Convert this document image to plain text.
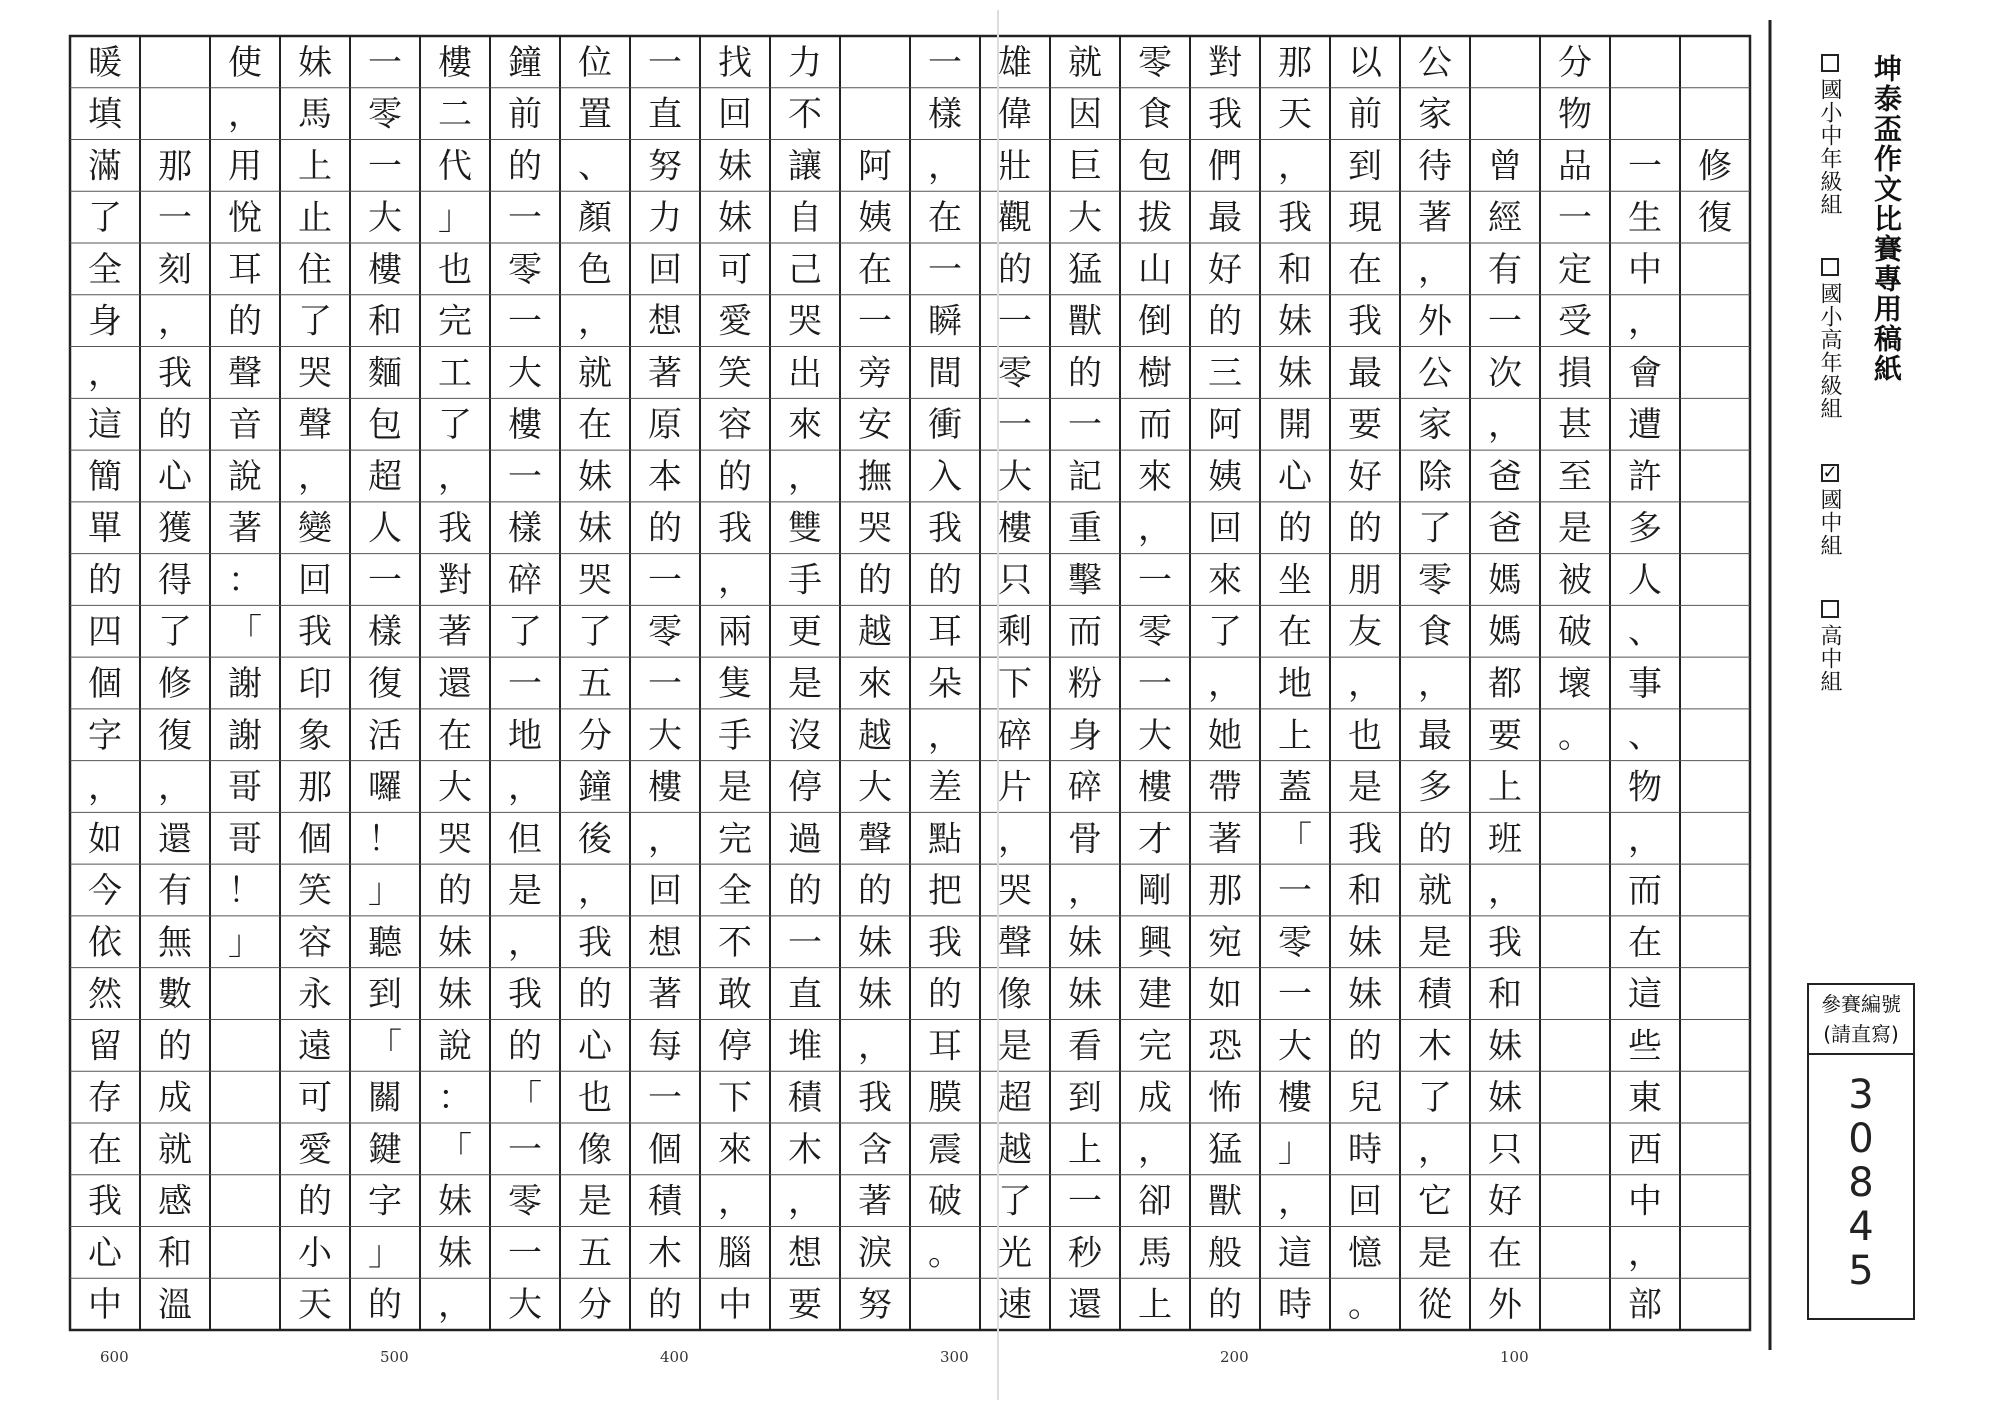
修
復
一
生
中
，
會
遭
許
多
人
、
事
、
物
，
而
在
這
些
東
西
中
，
部
分
物
品
一
定
受
損
甚
至
是
被
破
壞
。
曾
經
有
一
次
，
爸
爸
媽
媽
都
要
上
班
，
我
和
妹
妹
只
好
在
外
公
家
待
著
，
外
公
家
除
了
零
食
，
最
多
的
就
是
積
木
了
，
它
是
從
以
前
到
現
在
我
最
要
好
的
朋
友
，
也
是
我
和
妹
妹
的
兒
時
回
憶
。
那
天
，
我
和
妹
妹
開
心
的
坐
在
地
上
蓋
「
一
零
一
大
樓
」
，
這
時
對
我
們
最
好
的
三
阿
姨
回
來
了
，
她
帶
著
那
宛
如
恐
怖
猛
獸
般
的
零
食
包
拔
山
倒
樹
而
來
，
一
零
一
大
樓
才
剛
興
建
完
成
，
卻
馬
上
就
因
巨
大
猛
獸
的
一
記
重
擊
而
粉
身
碎
骨
，
妹
妹
看
到
上
一
秒
還
雄
偉
壯
觀
的
一
零
一
大
樓
只
剩
下
碎
片
，
哭
聲
像
是
超
越
了
光
速
一
樣
，
在
一
瞬
間
衝
入
我
的
耳
朵
，
差
點
把
我
的
耳
膜
震
破
。
阿
姨
在
一
旁
安
撫
哭
的
越
來
越
大
聲
的
妹
妹
，
我
含
著
淚
努
力
不
讓
自
己
哭
出
來
，
雙
手
更
是
沒
停
過
的
一
直
堆
積
木
，
想
要
找
回
妹
妹
可
愛
笑
容
的
我
，
兩
隻
手
是
完
全
不
敢
停
下
來
，
腦
中
一
直
努
力
回
想
著
原
本
的
一
零
一
大
樓
，
回
想
著
每
一
個
積
木
的
位
置
、
顏
色
，
就
在
妹
妹
哭
了
五
分
鐘
後
，
我
的
心
也
像
是
五
分
鐘
前
的
一
零
一
大
樓
一
樣
碎
了
一
地
，
但
是
，
我
的
「
一
零
一
大
樓
二
代
」
也
完
工
了
，
我
對
著
還
在
大
哭
的
妹
妹
說
：
「
妹
妹
，
一
零
一
大
樓
和
麵
包
超
人
一
樣
復
活
囉
！
」
聽
到
「
關
鍵
字
」
的
妹
馬
上
止
住
了
哭
聲
，
變
回
我
印
象
那
個
笑
容
永
遠
可
愛
的
小
天
使
，
用
悅
耳
的
聲
音
說
著
：
「
謝
謝
哥
哥
！
」
那
一
刻
，
我
的
心
獲
得
了
修
復
，
還
有
無
數
的
成
就
感
和
溫
暖
填
滿
了
全
身
，
這
簡
單
的
四
個
字
，
如
今
依
然
留
存
在
我
心
中
600	500	400	300	200	100
坤泰盃作文比賽專用稿紙
國小中年級組
國小高年級組
✓
國中組
高中組
參賽編號
(請直寫)
3
0
8
4
5
